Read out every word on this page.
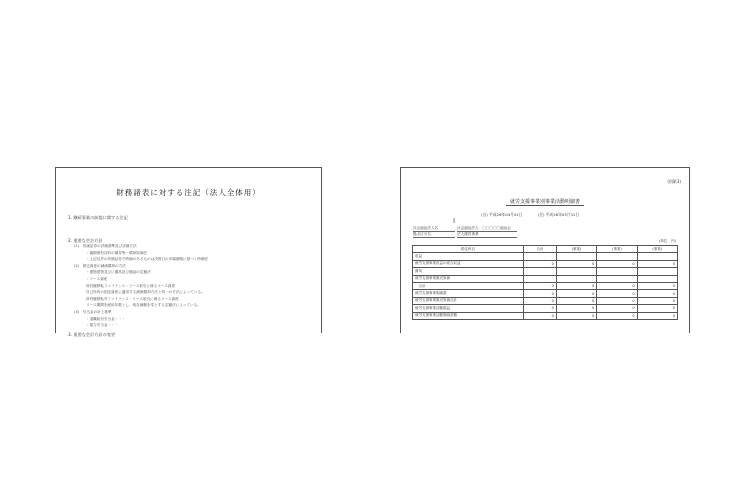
財務諸表に対する注記（法人全体用）
1. 継続事業の前提に関する注記
2. 重要な会計方針
(1)　有価証券の評価基準及び評価方法
・満期保有目的の債券等－償却原価法
・上記以外の有価証券で時価のあるものは決算日の市場価格に基づく時価法
(2)　固定資産の減価償却の方法
・建物建物並びに器具及び備品の定額法
・リース資産
所有権移転ファイナンス・リース取引に係るリース資産
自己所有の固定資産に適用する減価償却方法と同一の方法によっている。
所有権移転外ファイナンス・リース取引に係るリース資産
リース期間を耐用年数とし、残存価額を零とする定額法によっている。
(3)　引当金の計上基準
・退職給付引当金・・・
・賞与引当金・・・
3. 重要な会計方針の変更
(別紙3)
就労支援事業別事業活動明細書
(自) 平成26年04月01日	(至) 平成26年03月31日
I
社会福祉法人名	社会福祉法人　〇〇〇〇〇福祉会
拠点区分名	法人運営事業
(単位：円)
勘定科目	合計	(事業)	(事業)	(事業)
収益				
就労支援事業収益の総合収益	0	0	0	0
費用				
就労支援事業販売原価				
　合計	0	0	0	0
就労支援事業明細書	0	0	0	0
就労支援事業販売原価合計	0	0	0	0
就労支援事業活動損益	0	0	0	0
就労支援事業活動増減差額	0	0	0	0
